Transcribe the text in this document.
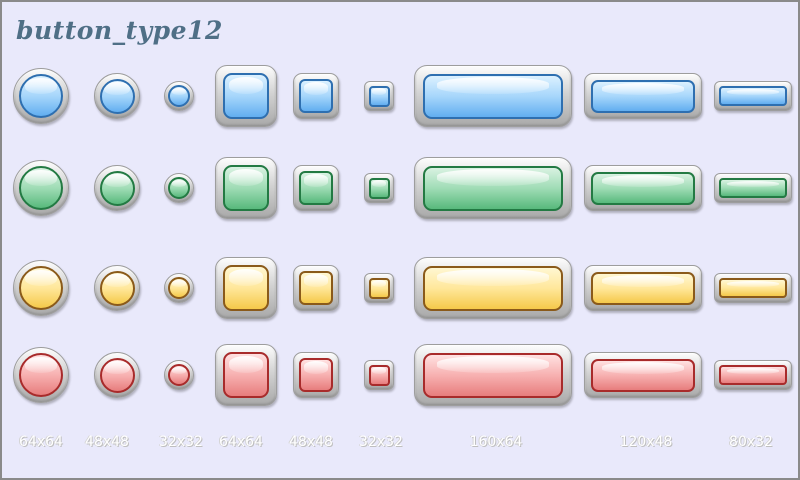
button_type12
64x64	48x48	32x32	64x64	48x48	32x32	160x64	120x48	80x32
